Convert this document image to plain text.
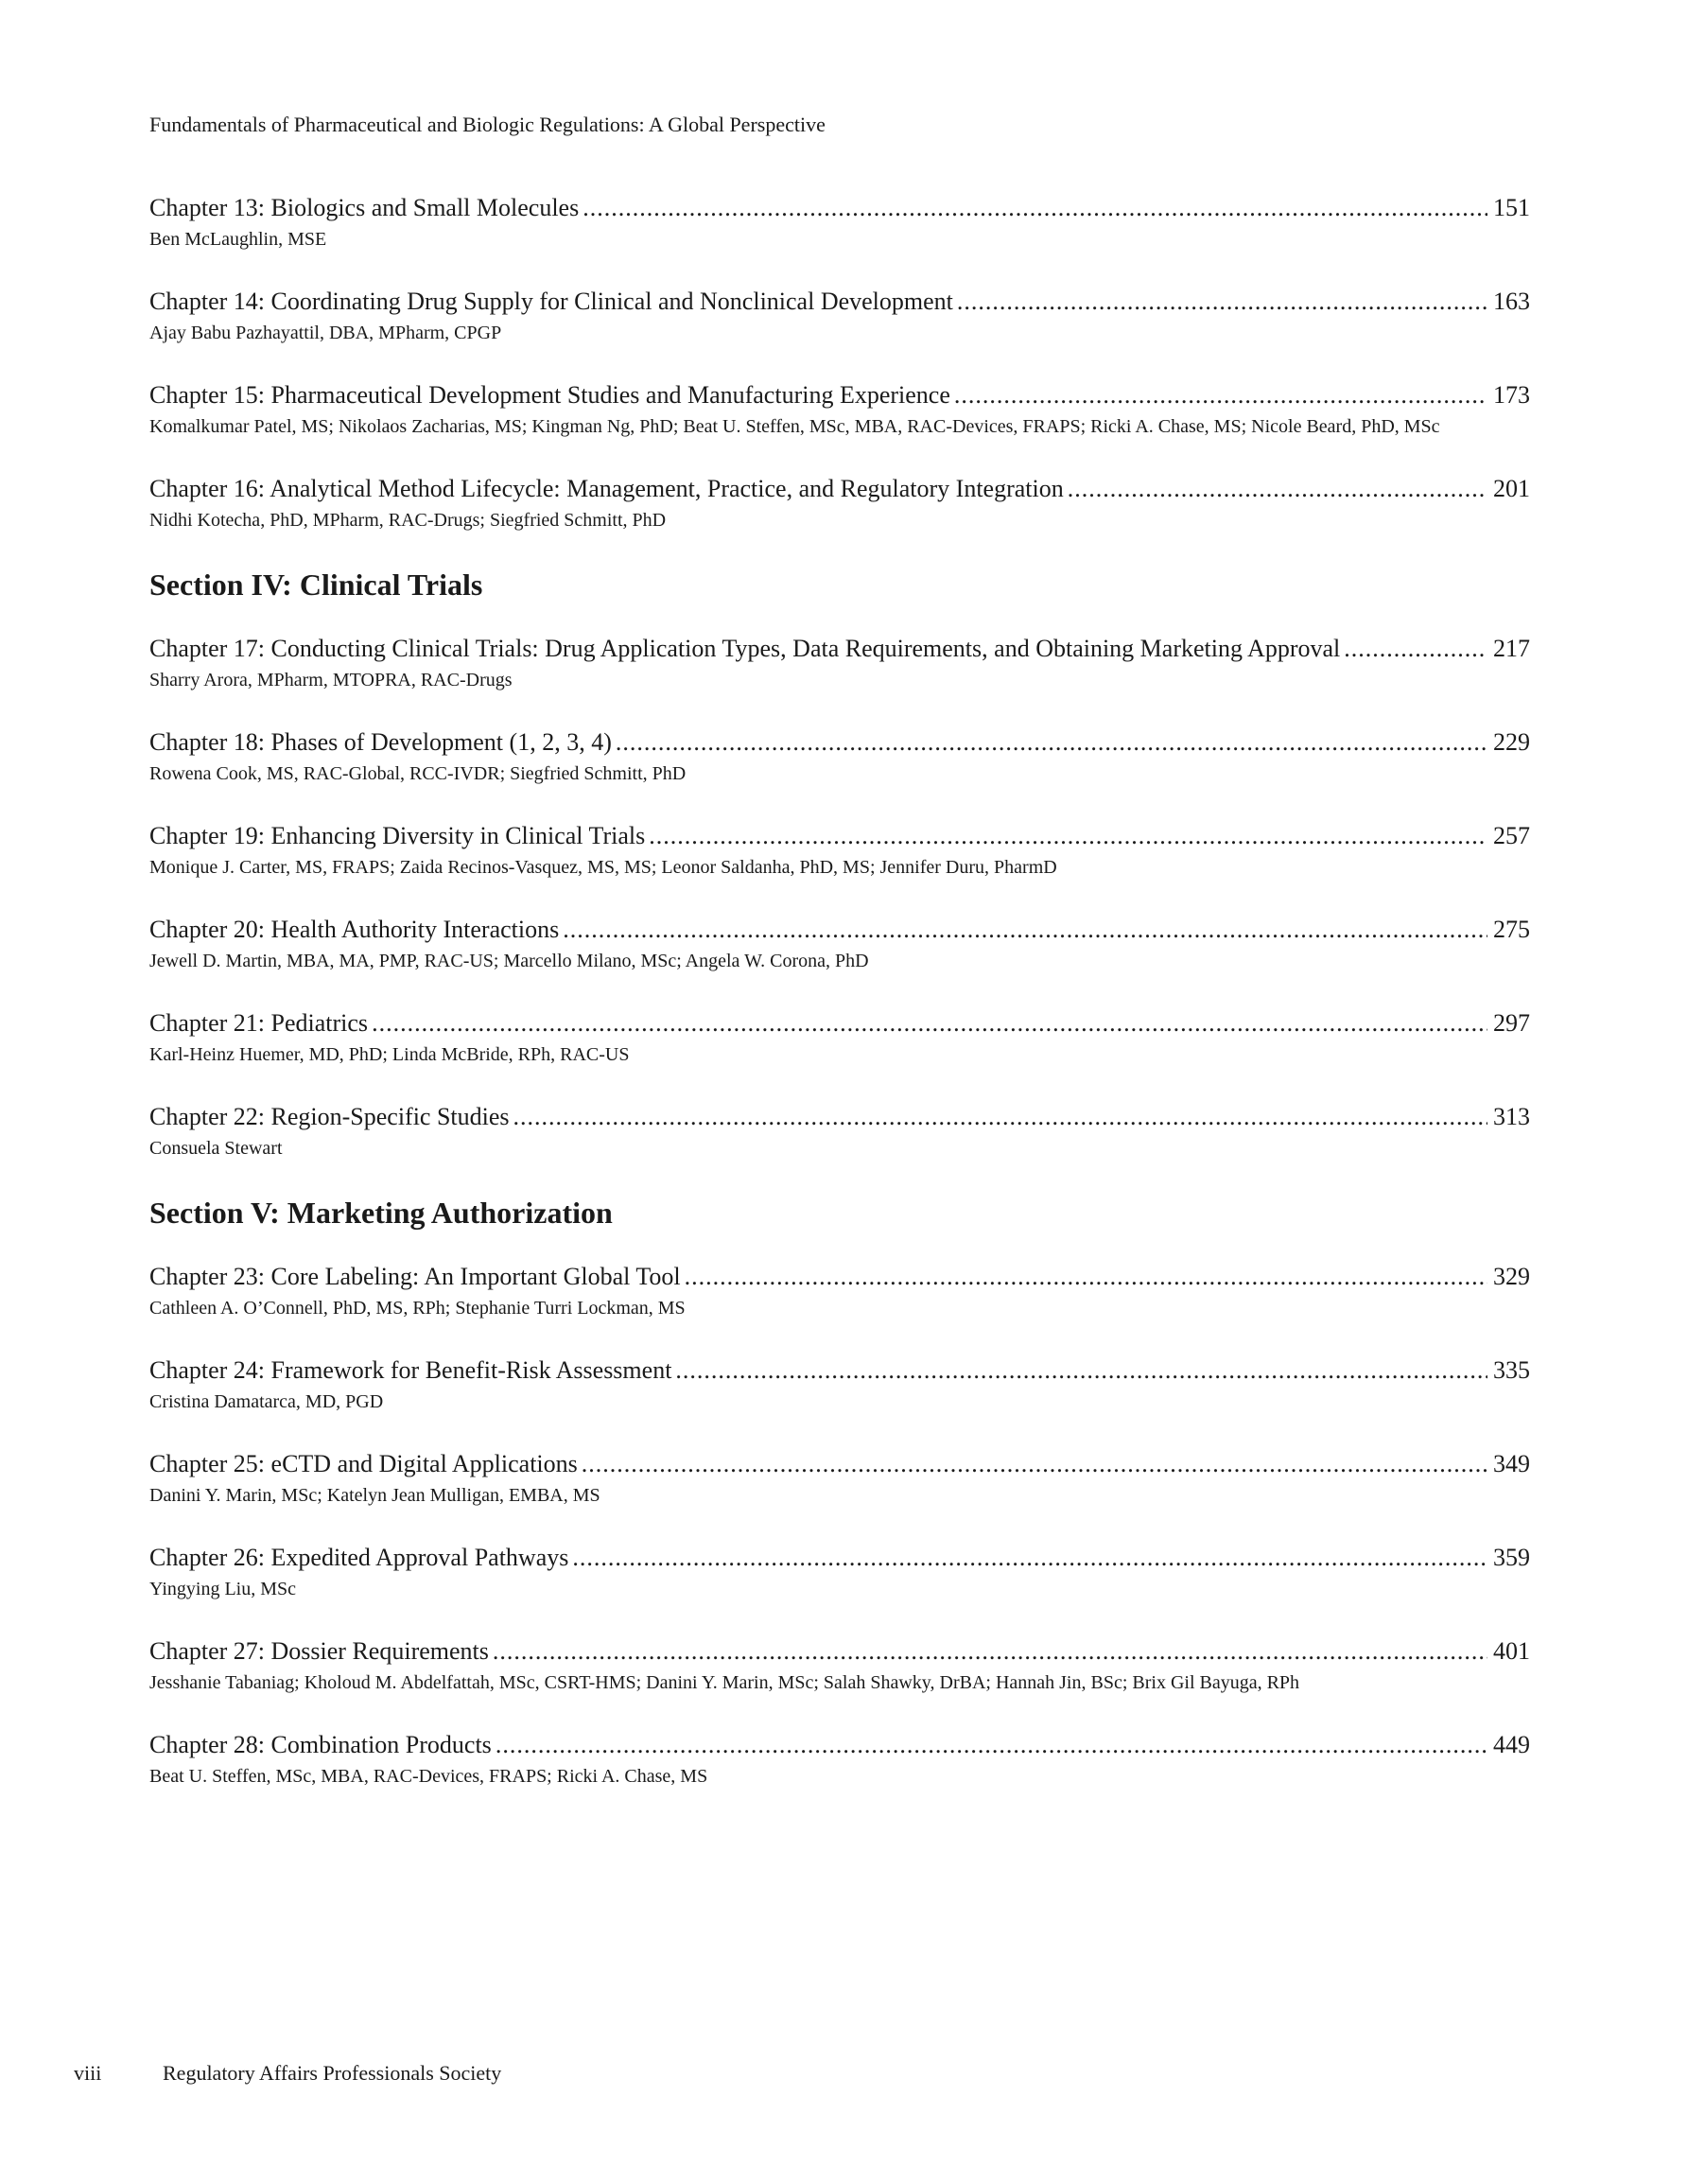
Fundamentals of Pharmaceutical and Biologic Regulations: A Global Perspective
Chapter 13: Biologics and Small Molecules .....	151
Ben McLaughlin, MSE
Chapter 14: Coordinating Drug Supply for Clinical and Nonclinical Development .....	163
Ajay Babu Pazhayattil, DBA, MPharm, CPGP
Chapter 15: Pharmaceutical Development Studies and Manufacturing Experience .....	173
Komalkumar Patel, MS; Nikolaos Zacharias, MS; Kingman Ng, PhD; Beat U. Steffen, MSc, MBA, RAC-Devices, FRAPS; Ricki A. Chase, MS; Nicole Beard, PhD, MSc
Chapter 16: Analytical Method Lifecycle: Management, Practice, and Regulatory Integration .....	201
Nidhi Kotecha, PhD, MPharm, RAC-Drugs; Siegfried Schmitt, PhD
Section IV: Clinical Trials
Chapter 17: Conducting Clinical Trials: Drug Application Types, Data Requirements, and Obtaining Marketing Approval .....	217
Sharry Arora, MPharm, MTOPRA, RAC-Drugs
Chapter 18: Phases of Development (1, 2, 3, 4) .....	229
Rowena Cook, MS, RAC-Global, RCC-IVDR; Siegfried Schmitt, PhD
Chapter 19: Enhancing Diversity in Clinical Trials .....	257
Monique J. Carter, MS, FRAPS; Zaida Recinos-Vasquez, MS, MS; Leonor Saldanha, PhD, MS; Jennifer Duru, PharmD
Chapter 20: Health Authority Interactions .....	275
Jewell D. Martin, MBA, MA, PMP, RAC-US; Marcello Milano, MSc; Angela W. Corona, PhD
Chapter 21: Pediatrics .....	297
Karl-Heinz Huemer, MD, PhD; Linda McBride, RPh, RAC-US
Chapter 22: Region-Specific Studies .....	313
Consuela Stewart
Section V: Marketing Authorization
Chapter 23: Core Labeling: An Important Global Tool .....	329
Cathleen A. O’Connell, PhD, MS, RPh; Stephanie Turri Lockman, MS
Chapter 24: Framework for Benefit-Risk Assessment .....	335
Cristina Damatarca, MD, PGD
Chapter 25: eCTD and Digital Applications .....	349
Danini Y. Marin, MSc; Katelyn Jean Mulligan, EMBA, MS
Chapter 26: Expedited Approval Pathways .....	359
Yingying Liu, MSc
Chapter 27: Dossier Requirements .....	401
Jesshanie Tabaniag; Kholoud M. Abdelfattah, MSc, CSRT-HMS; Danini Y. Marin, MSc; Salah Shawky, DrBA; Hannah Jin, BSc; Brix Gil Bayuga, RPh
Chapter 28: Combination Products .....	449
Beat U. Steffen, MSc, MBA, RAC-Devices, FRAPS; Ricki A. Chase, MS
viii	Regulatory Affairs Professionals Society
